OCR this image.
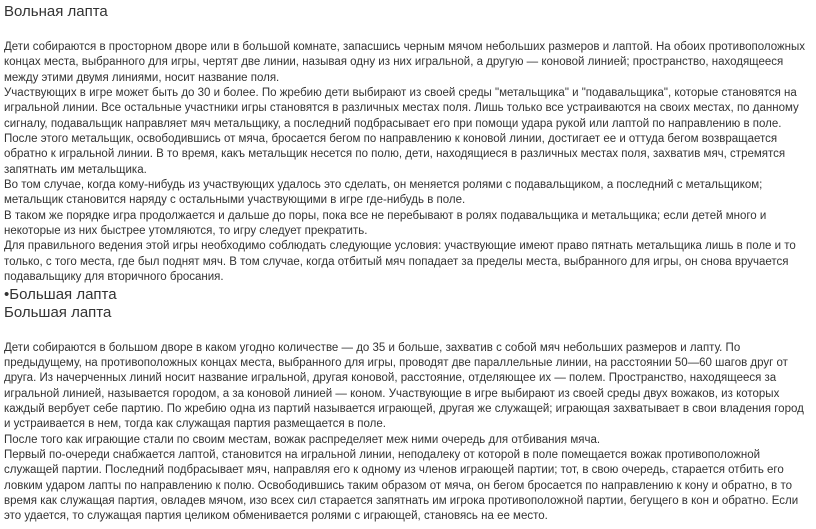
Вольная лапта

Дети собираются в просторном дворе или в большой комнате, запасшись черным мячом небольших размеров и лаптой. На обоих противоположных концах места, выбранного для игры, чертят две линии, называя одну из них игральной, а другую — коновой линией; пространство, находящееся между этими двумя линиями, носит название поля.

Участвующих в игре может быть до 30 и более. По жребию дети выбирают из своей среды "метальщика" и "подавальщика", которые становятся на игральной линии. Все остальные участники игры становятся в различных местах поля. Лишь только все устраиваются на своих местах, по данному сигналу, подавальщик направляет мяч метальщику, а последний подбрасывает его при помощи удара рукой или лаптой по направлению в поле.

После этого метальщик, освободившись от мяча, бросается бегом по направлению к коновой линии, достигает ее и оттуда бегом возвращается обратно к игральной линии. В то время, какъ метальщик несется по полю, дети, находящиеся в различных местах поля, захватив мяч, стремятся запятнать им метальщика.

Во том случае, когда кому-нибудь из участвующих удалось это сделать, он меняется ролями с подавальщиком, а последний с метальщиком; метальщик становится наряду с остальными участвующими в игре где-нибудь в поле.

В таком же порядке игра продолжается и дальше до поры, пока все не перебывают в ролях подавальщика и метальщика; если детей много и некоторые из них быстрее утомляются, то игру следует прекратить.

Для правильного ведения этой игры необходимо соблюдать следующие условия: участвующие имеют право пятнать метальщика лишь в поле и то только, с того места, где был поднят мяч. В том случае, когда отбитый мяч попадает за пределы места, выбранного для игры, он снова вручается подавальщику для вторичного бросания.

•Большая лапта
Большая лапта

Дети собираются в большом дворе в каком угодно количестве — до 35 и больше, захватив с собой мяч небольших размеров и лапту. По предыдущему, на противоположных концах места, выбранного для игры, проводят две параллельные линии, на расстоянии 50—60 шагов друг от друга. Из начерченных линий носит название игральной, другая коновой, расстояние, отделяющее их — полем. Пространство, находящееся за игральной линией, называется городом, а за коновой линией — коном. Участвующие в игре выбирают из своей среды двух вожаков, из которых каждый вербует себе партию. По жребию одна из партий называется играющей, другая же служащей; играющая захватывает в свои владения город и устраивается в нем, тогда как служащая партия размещается в поле.

После того как играющие стали по своим местам, вожак распределяет меж ними очередь для отбивания мяча.

Первый по-очереди снабжается лаптой, становится на игральной линии, неподалеку от которой в поле помещается вожак противоположной служащей партии. Последний подбрасывает мяч, направляя его к одному из членов играющей партии; тот, в свою очередь, старается отбить его ловким ударом лапты по направлению к полю. Освободившись таким образом от мяча, он бегом бросается по направлению к кону и обратно, в то время как служащая партия, овладев мячом, изо всех сил старается запятнать им игрока противоположной партии, бегущего в кон и обратно. Если это удается, то служащая партия целиком обменивается ролями с играющей, становясь на ее место.
